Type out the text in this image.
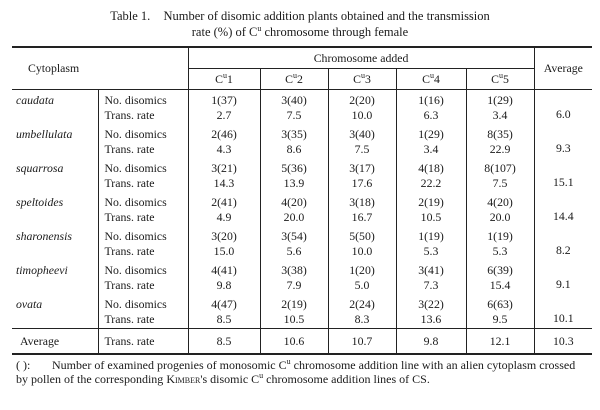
Table 1. Number of disomic addition plants obtained and the transmission
rate (%) of $C^u$ chromosome through female
Cytoplasm		Chromosome added					Average
		$C^u1$	$C^u2$	$C^u3$	$C^u4$	$C^u5$	
caudata	No. disomics	1(37)	3(40)	2(20)	1(16)	1(29)	6.0
	Trans. rate	2.7	7.5	10.0	6.3	3.4	
umbellulata	No. disomics	2(46)	3(35)	3(40)	1(29)	8(35)	9.3
	Trans. rate	4.3	8.6	7.5	3.4	22.9	
squarrosa	No. disomics	3(21)	5(36)	3(17)	4(18)	8(107)	15.1
	Trans. rate	14.3	13.9	17.6	22.2	7.5	
speltoides	No. disomics	2(41)	4(20)	3(18)	2(19)	4(20)	14.4
	Trans. rate	4.9	20.0	16.7	10.5	20.0	
sharonensis	No. disomics	3(20)	3(54)	5(50)	1(19)	1(19)	8.2
	Trans. rate	15.0	5.6	10.0	5.3	5.3	
timopheevi	No. disomics	4(41)	3(38)	1(20)	3(41)	6(39)	9.1
	Trans. rate	9.8	7.9	5.0	7.3	15.4	
ovata	No. disomics	4(47)	2(19)	2(24)	3(22)	6(63)	10.1
	Trans. rate	8.5	10.5	8.3	13.6	9.5	
Average	Trans. rate	8.5	10.6	10.7	9.8	12.1	10.3
( ): Number of examined progenies of monosomic $C^u$ chromosome addition line with an alien cytoplasm crossed by pollen of the corresponding Kimber's disomic $C^u$ chromosome addition lines of CS.
